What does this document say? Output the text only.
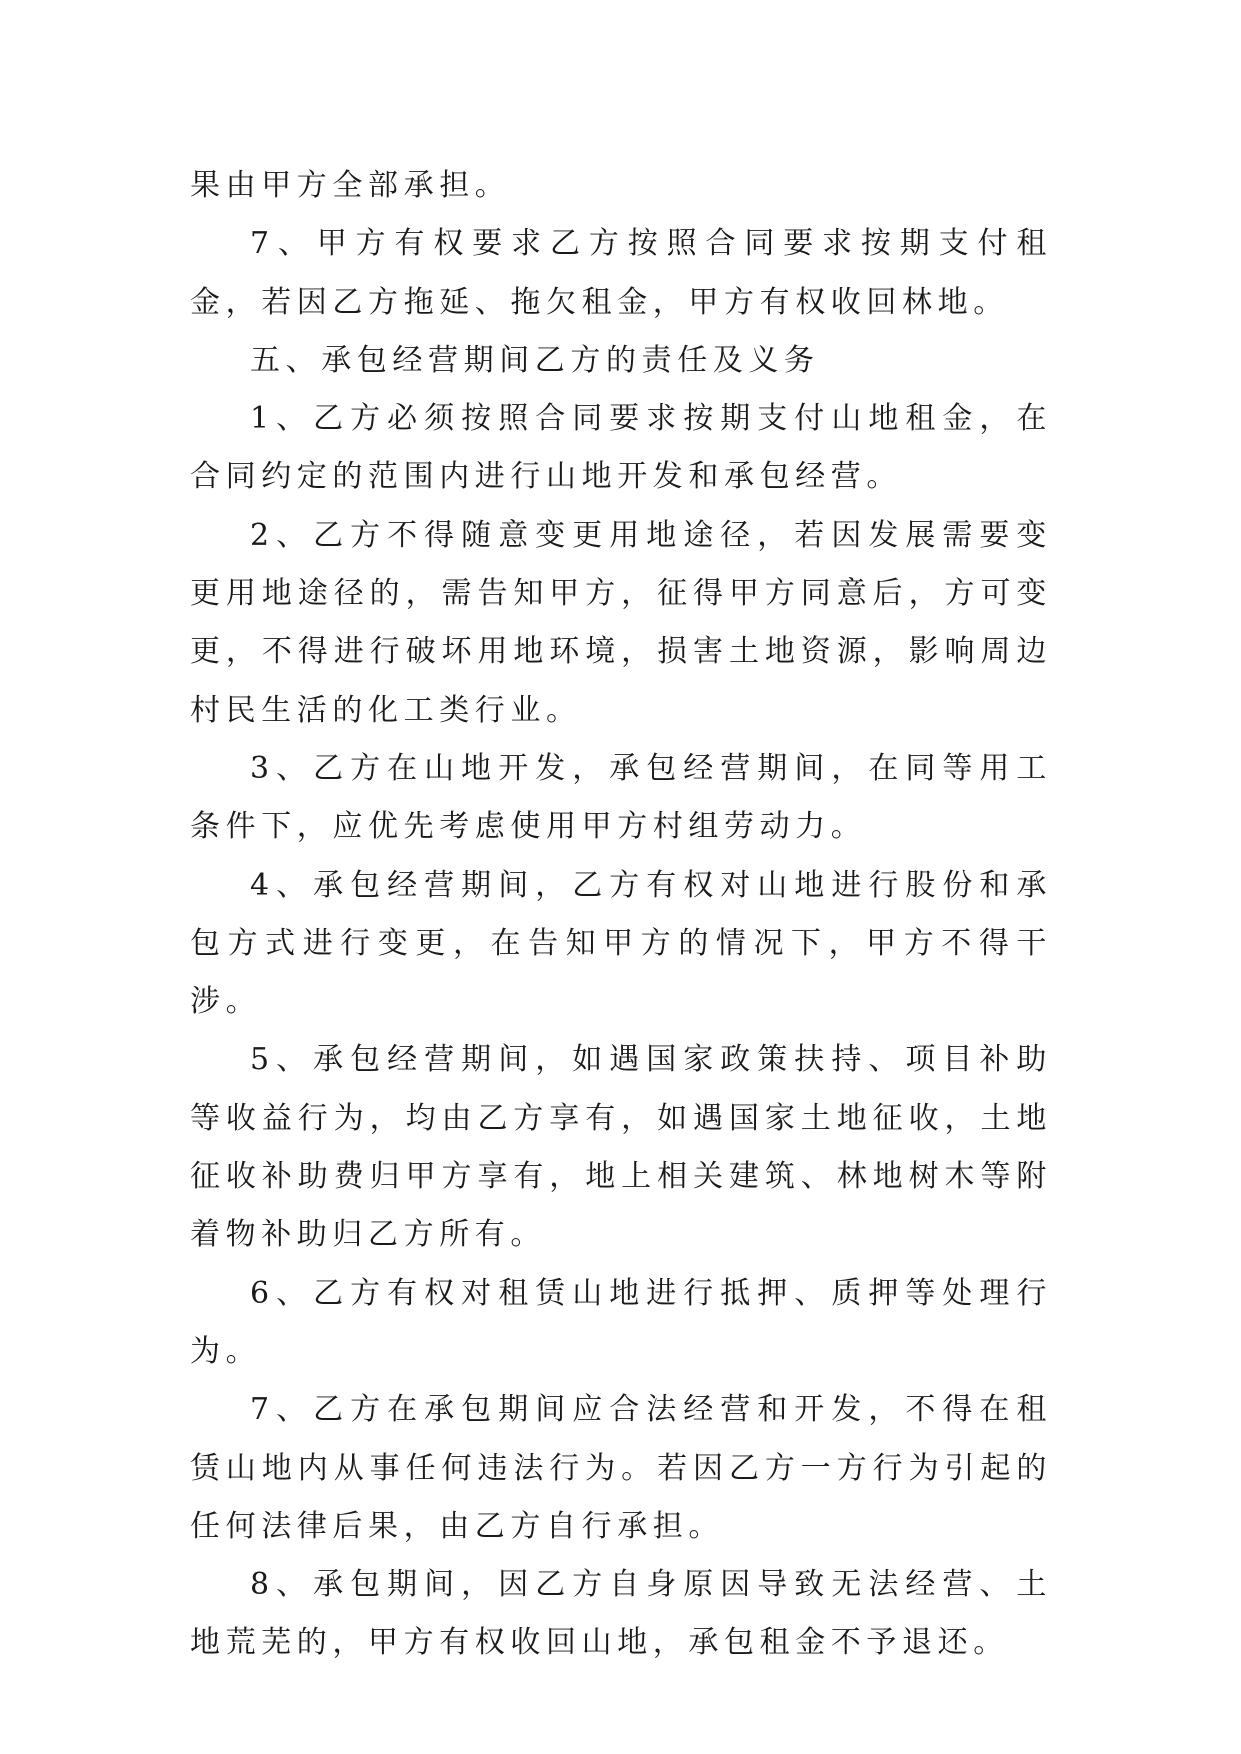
果由甲方全部承担。

7、甲方有权要求乙方按照合同要求按期支付租金，若因乙方拖延、拖欠租金，甲方有权收回林地。

五、承包经营期间乙方的责任及义务

1、乙方必须按照合同要求按期支付山地租金，在合同约定的范围内进行山地开发和承包经营。

2、乙方不得随意变更用地途径，若因发展需要变更用地途径的，需告知甲方，征得甲方同意后，方可变更，不得进行破坏用地环境，损害土地资源，影响周边村民生活的化工类行业。

3、乙方在山地开发，承包经营期间，在同等用工条件下，应优先考虑使用甲方村组劳动力。

4、承包经营期间，乙方有权对山地进行股份和承包方式进行变更，在告知甲方的情况下，甲方不得干涉。

5、承包经营期间，如遇国家政策扶持、项目补助等收益行为，均由乙方享有，如遇国家土地征收，土地征收补助费归甲方享有，地上相关建筑、林地树木等附着物补助归乙方所有。

6、乙方有权对租赁山地进行抵押、质押等处理行为。

7、乙方在承包期间应合法经营和开发，不得在租赁山地内从事任何违法行为。若因乙方一方行为引起的任何法律后果，由乙方自行承担。

8、承包期间，因乙方自身原因导致无法经营、土地荒芜的，甲方有权收回山地，承包租金不予退还。
